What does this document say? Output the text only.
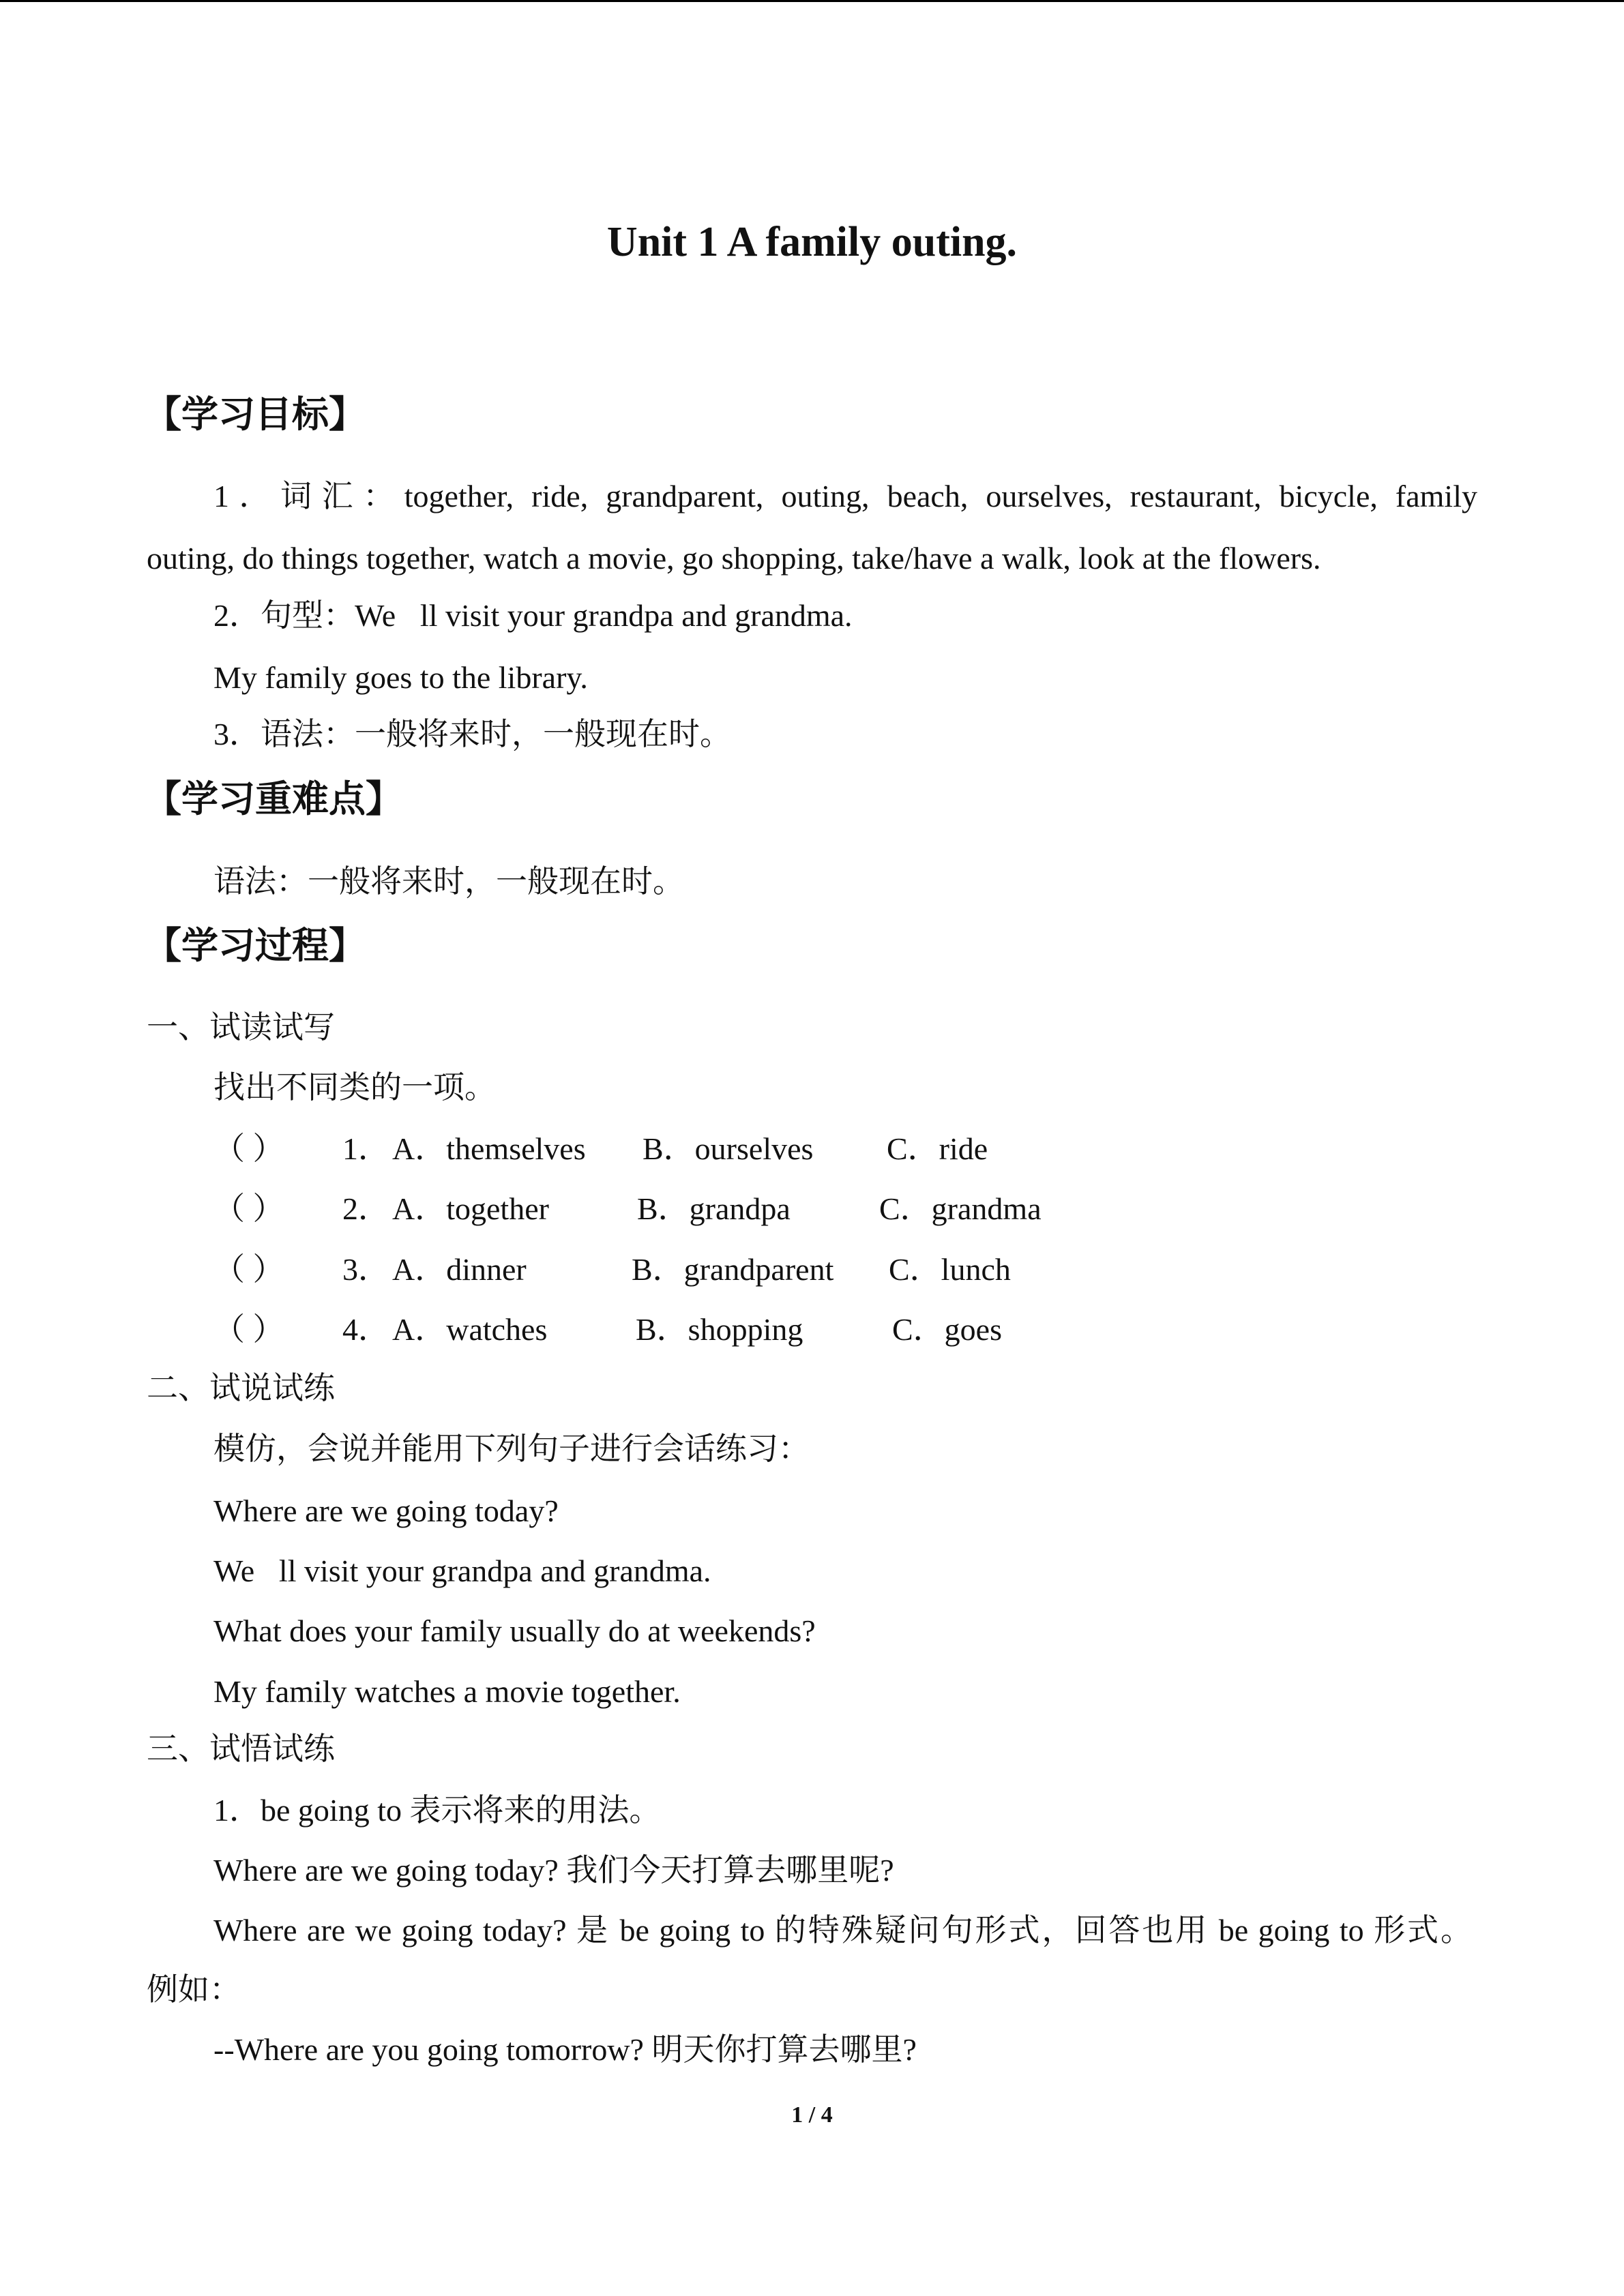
Unit 1 A family outing.
【学习目标】
1．词汇：together, ride, grandparent, outing, beach, ourselves, restaurant, bicycle, family
outing, do things together, watch a movie, go shopping, take/have a walk, look at the flowers.
2．句型：We ll visit your grandpa and grandma.
My family goes to the library.
3．语法：一般将来时，一般现在时。
【学习重难点】
语法：一般将来时，一般现在时。
【学习过程】
一、试读试写
找出不同类的一项。
（ ） 1． A．themselves B．ourselves C．ride
（ ） 2． A．together	B．grandpa	C．grandma
（ ） 3． A．dinner	B．grandparent C．lunch
（ ） 4． A．watches	B．shopping	C．goes
二、试说试练
模仿，会说并能用下列句子进行会话练习：
Where are we going today?
We ll visit your grandpa and grandma.
What does your family usually do at weekends?
My family watches a movie together.
三、试悟试练
1．be going to 表示将来的用法。
Where are we going today? 我们今天打算去哪里呢?
Where are we going today? 是 be going to 的特殊疑问句形式，回答也用 be going to 形式。
例如：
--Where are you going tomorrow? 明天你打算去哪里?
1 / 4
